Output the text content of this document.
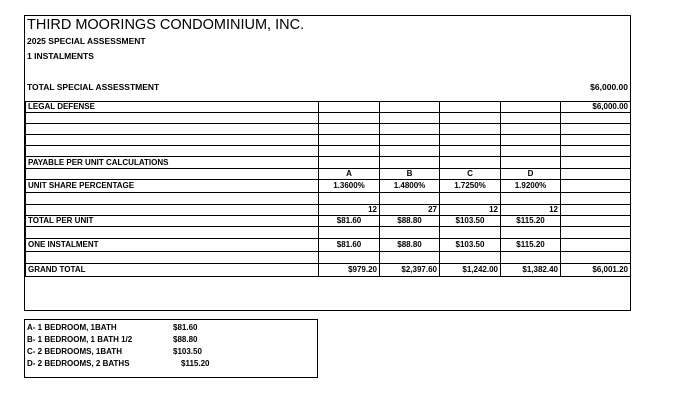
THIRD MOORINGS CONDOMINIUM, INC.
2025 SPECIAL ASSESSMENT
1 INSTALMENTS
TOTAL SPECIAL ASSESSTMENT	$6,000.00
LEGAL DEFENSE					$6,000.00

PAYABLE PER UNIT CALCULATIONS					
	A	B	C	D	
UNIT SHARE PERCENTAGE	1.3600%	1.4800%	1.7250%	1.9200%	

	12	27	12	12	
TOTAL PER UNIT	$81.60	$88.80	$103.50	$115.20	

ONE INSTALMENT	$81.60	$88.80	$103.50	$115.20	

GRAND TOTAL	$979.20	$2,397.60	$1,242.00	$1,382.40	$6,001.20
A- 1 BEDROOM, 1BATH	$81.60
B- 1 BEDROOM, 1 BATH 1/2	$88.80
C- 2 BEDROOMS, 1BATH	$103.50
D- 2 BEDROOMS, 2 BATHS	$115.20
